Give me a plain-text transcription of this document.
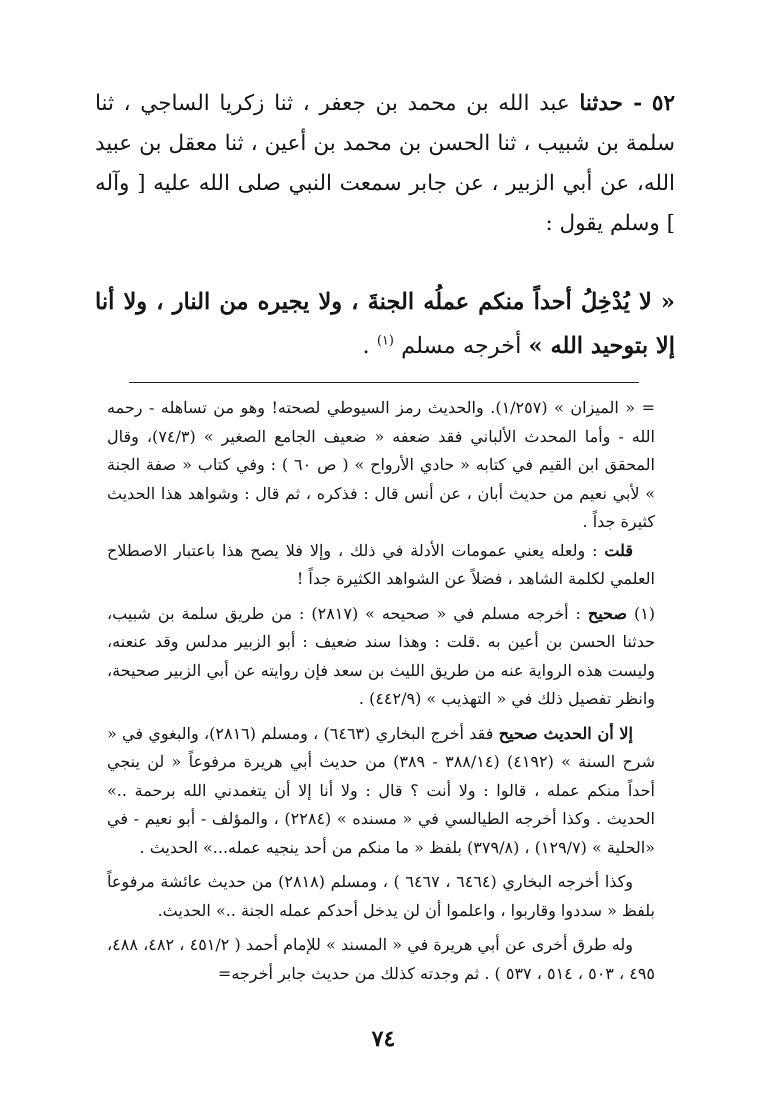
٥٢ - حدثنا عبد الله بن محمد بن جعفر ، ثنا زكريا الساجي ، ثنا سلمة بن شبيب ، ثنا الحسن بن محمد بن أعين ، ثنا معقل بن عبيد الله، عن أبي الزبير ، عن جابر سمعت النبي صلى الله عليه [ وآله ] وسلم يقول :
« لا يُدْخِلُ أحداً منكم عملُه الجنةَ ، ولا يجيره من النار ، ولا أنا إلا بتوحيد الله » أخرجه مسلم $^{(١)}$ .

= « الميزان » (١/٢٥٧). والحديث رمز السيوطي لصحته! وهو من تساهله - رحمه الله - وأما المحدث الألباني فقد ضعفه « ضعيف الجامع الصغير » (٧٤/٣)، وقال المحقق ابن القيم في كتابه « حادي الأرواح » ( ص ٦٠ ) : وفي كتاب « صفة الجنة » لأبي نعيم من حديث أبان ، عن أنس قال : فذكره ، ثم قال : وشواهد هذا الحديث كثيرة جداً .

قلت : ولعله يعني عمومات الأدلة في ذلك ، وإلا فلا يصح هذا باعتبار الاصطلاح العلمي لكلمة الشاهد ، فضلاً عن الشواهد الكثيرة جداً !

(١) صحيح : أخرجه مسلم في « صحيحه » (٢٨١٧) : من طريق سلمة بن شبيب، حدثنا الحسن بن أعين به .قلت : وهذا سند ضعيف : أبو الزبير مدلس وقد عنعنه، وليست هذه الرواية عنه من طريق الليث بن سعد فإن روايته عن أبي الزبير صحيحة، وانظر تفصيل ذلك في « التهذيب » (٤٤٢/٩) .

إلا أن الحديث صحيح فقد أخرج البخاري (٦٤٦٣) ، ومسلم (٢٨١٦)، والبغوي في « شرح السنة » (٤١٩٢) (٣٨٨/١٤ - ٣٨٩) من حديث أبي هريرة مرفوعاً « لن ينجي أحداً منكم عمله ، قالوا : ولا أنت ؟ قال : ولا أنا إلا أن يتغمدني الله برحمة ..» الحديث . وكذا أخرجه الطيالسي في « مسنده » (٢٢٨٤) ، والمؤلف - أبو نعيم - في «الحلية » (١٢٩/٧) ، (٣٧٩/٨) بلفظ « ما منكم من أحد ينجيه عمله...» الحديث .

وكذا أخرجه البخاري (٦٤٦٤ ، ٦٤٦٧ ) ، ومسلم (٢٨١٨) من حديث عائشة مرفوعاً بلفظ « سددوا وقاربوا ، واعلموا أن لن يدخل أحدكم عمله الجنة ..» الحديث.

وله طرق أخرى عن أبي هريرة في « المسند » للإمام أحمد ( ٤٥١/٢ ، ٤٨٢، ٤٨٨، ٤٩٥ ، ٥٠٣ ، ٥١٤ ، ٥٣٧ ) . ثم وجدته كذلك من حديث جابر أخرجه=

٧٤
